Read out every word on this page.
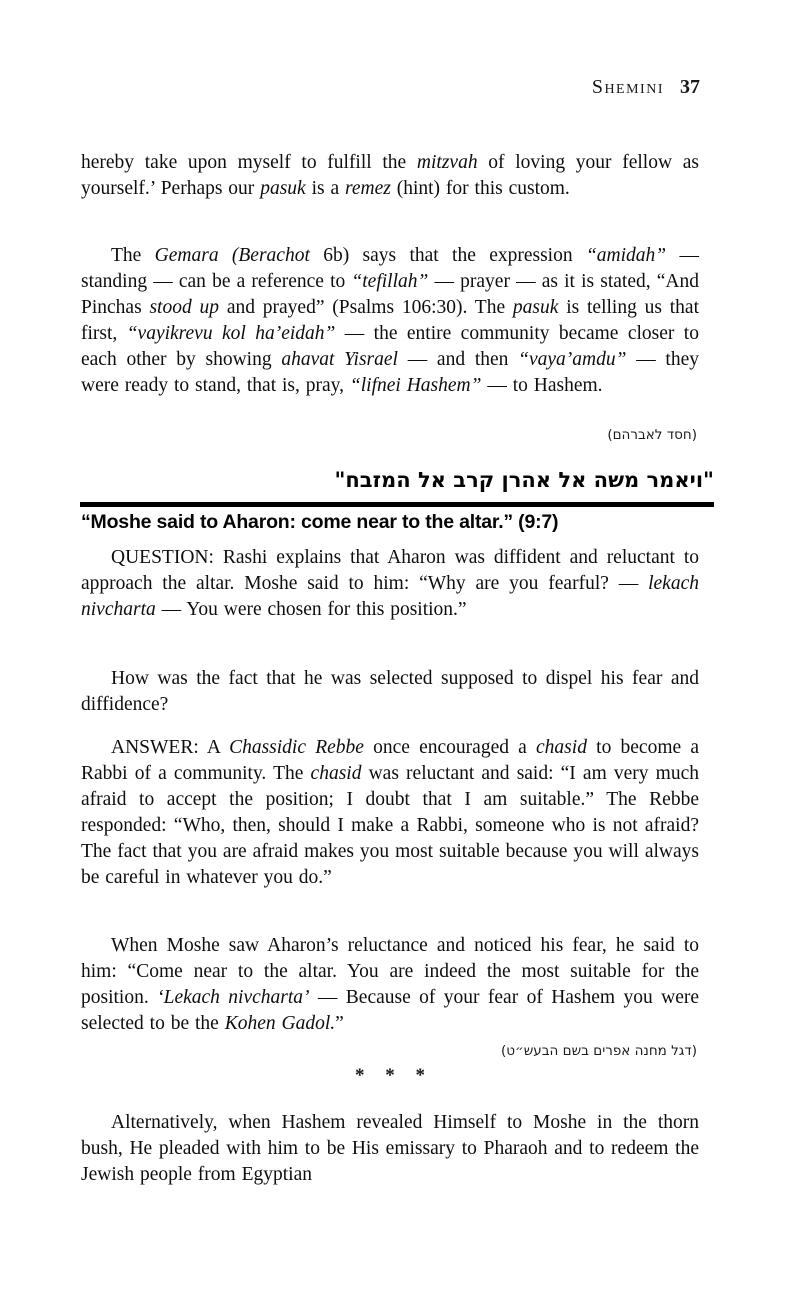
Shemini 37

hereby take upon myself to fulfill the mitzvah of loving your fellow as yourself.’ Perhaps our pasuk is a remez (hint) for this custom.

The Gemara (Berachot 6b) says that the expression “amidah” — standing — can be a reference to “tefillah” — prayer — as it is stated, “And Pinchas stood up and prayed” (Psalms 106:30). The pasuk is telling us that first, “vayikrevu kol ha’eidah” — the entire community became closer to each other by showing ahavat Yisrael — and then “vaya’amdu” — they were ready to stand, that is, pray, “lifnei Hashem” — to Hashem.

(חסד לאברהם)

"ויאמר משה אל אהרן קרב אל המזבח"

“Moshe said to Aharon: come near to the altar.” (9:7)

QUESTION: Rashi explains that Aharon was diffident and reluctant to approach the altar. Moshe said to him: “Why are you fearful? — lekach nivcharta — You were chosen for this position.”

How was the fact that he was selected supposed to dispel his fear and diffidence?

ANSWER: A Chassidic Rebbe once encouraged a chasid to become a Rabbi of a community. The chasid was reluctant and said: “I am very much afraid to accept the position; I doubt that I am suitable.” The Rebbe responded: “Who, then, should I make a Rabbi, someone who is not afraid? The fact that you are afraid makes you most suitable because you will always be careful in whatever you do.”

When Moshe saw Aharon’s reluctance and noticed his fear, he said to him: “Come near to the altar. You are indeed the most suitable for the position. ‘Lekach nivcharta’ — Because of your fear of Hashem you were selected to be the Kohen Gadol.”

(דגל מחנה אפרים בשם הבעש״ט)

* * *

Alternatively, when Hashem revealed Himself to Moshe in the thorn bush, He pleaded with him to be His emissary to Pharaoh and to redeem the Jewish people from Egyptian
